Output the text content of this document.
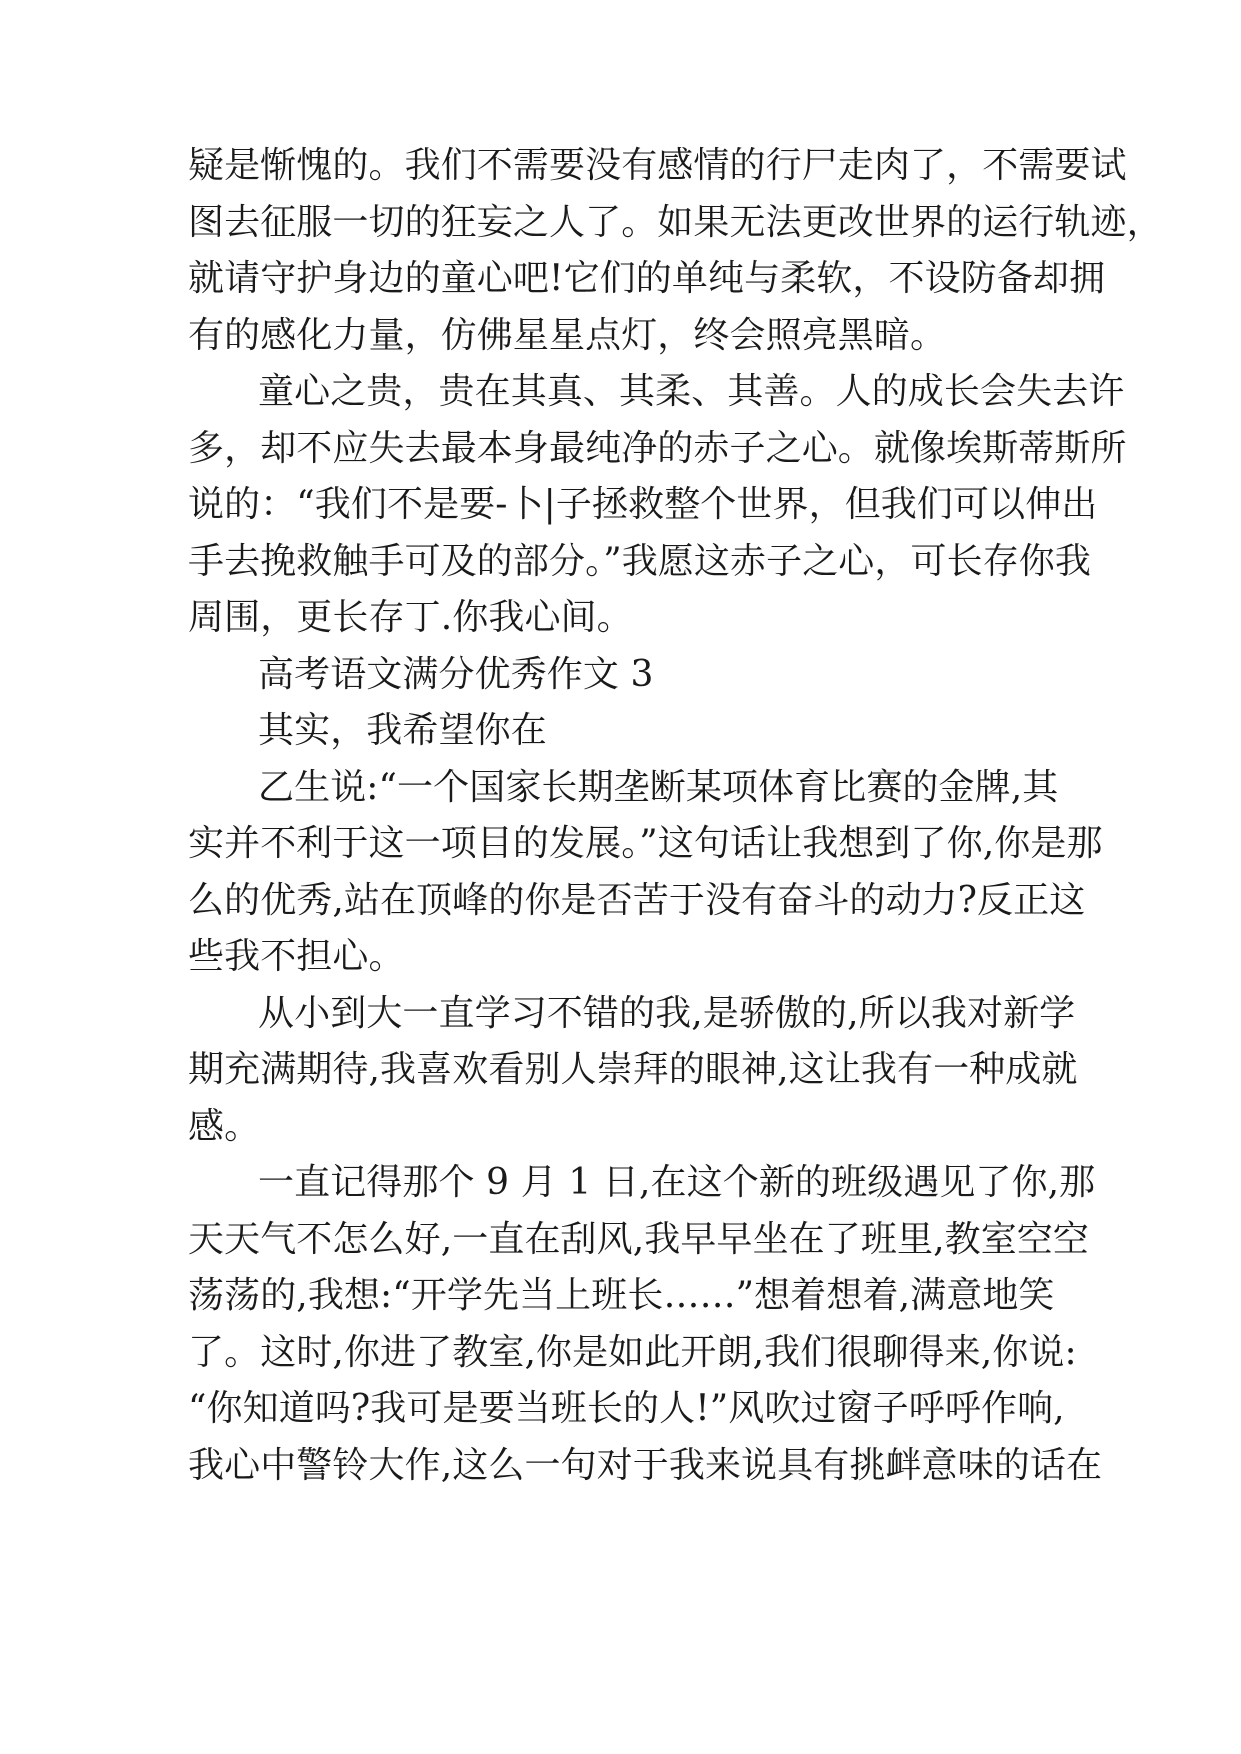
疑是惭愧的。我们不需要没有感情的行尸走肉了，不需要试
图去征服一切的狂妄之人了。如果无法更改世界的运行轨迹，
就请守护身边的童心吧!它们的单纯与柔软，不设防备却拥
有的感化力量，仿佛星星点灯，终会照亮黑暗。
童心之贵，贵在其真、其柔、其善。人的成长会失去许
多，却不应失去最本身最纯净的赤子之心。就像埃斯蒂斯所
说的：“我们不是要-卜|子拯救整个世界，但我们可以伸出
手去挽救触手可及的部分。”我愿这赤子之心，可长存你我
周围，更长存丁.你我心间。
高考语文满分优秀作文 3
其实，我希望你在
乙生说:“一个国家长期垄断某项体育比赛的金牌,其
实并不利于这一项目的发展。”这句话让我想到了你,你是那
么的优秀,站在顶峰的你是否苦于没有奋斗的动力?反正这
些我不担心。
从小到大一直学习不错的我,是骄傲的,所以我对新学
期充满期待,我喜欢看别人崇拜的眼神,这让我有一种成就
感。
一直记得那个 9 月 1 日,在这个新的班级遇见了你,那
天天气不怎么好,一直在刮风,我早早坐在了班里,教室空空
荡荡的,我想:“开学先当上班长……”想着想着,满意地笑
了。这时,你进了教室,你是如此开朗,我们很聊得来,你说:
“你知道吗?我可是要当班长的人!”风吹过窗子呼呼作响,
我心中警铃大作,这么一句对于我来说具有挑衅意味的话在
